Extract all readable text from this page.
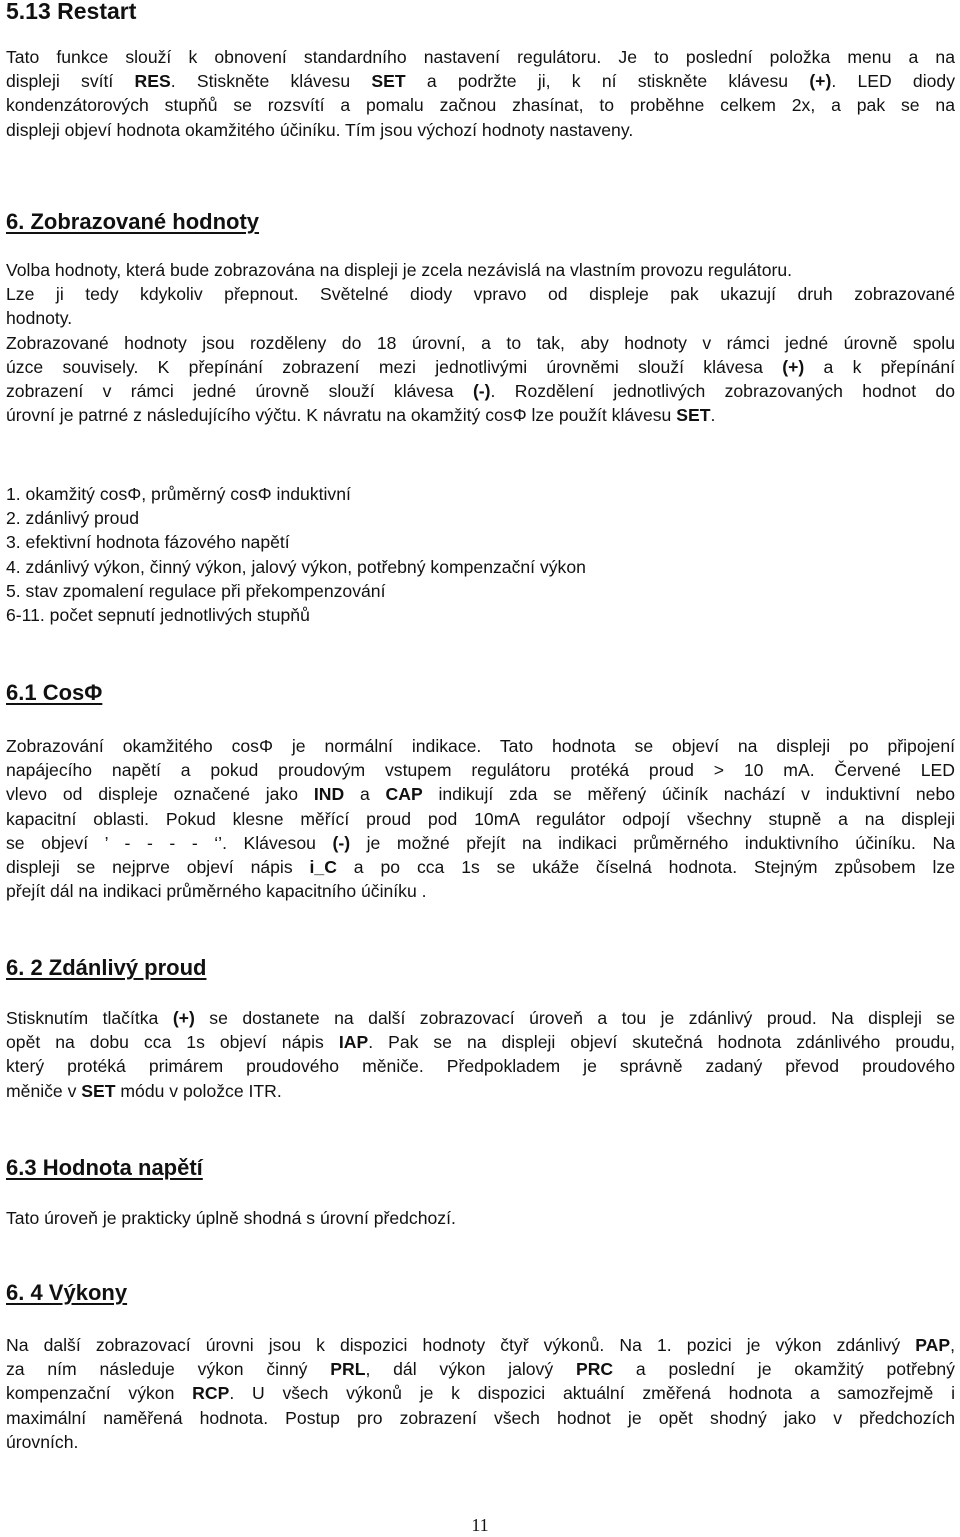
5.13 Restart
Tato funkce slouží k obnovení standardního nastavení regulátoru. Je to poslední položka menu a na
displeji svítí RES. Stiskněte klávesu SET a podržte ji, k ní stiskněte klávesu (+). LED diody
kondenzátorových stupňů se rozsvítí a pomalu začnou zhasínat, to proběhne celkem 2x, a pak se na
displeji objeví hodnota okamžitého účiníku. Tím jsou výchozí hodnoty nastaveny.
6. Zobrazované hodnoty
Volba hodnoty, která bude zobrazována na displeji je zcela nezávislá na vlastním provozu regulátoru.
Lze ji tedy kdykoliv přepnout. Světelné diody vpravo od displeje pak ukazují druh zobrazované
hodnoty.
Zobrazované hodnoty jsou rozděleny do 18 úrovní, a to tak, aby hodnoty v rámci jedné úrovně spolu
úzce souvisely. K přepínání zobrazení mezi jednotlivými úrovněmi slouží klávesa (+) a k přepínání
zobrazení v rámci jedné úrovně slouží klávesa (-). Rozdělení jednotlivých zobrazovaných hodnot do
úrovní je patrné z následujícího výčtu. K návratu na okamžitý cosΦ lze použít klávesu SET.
1. okamžitý cosΦ, průměrný cosΦ induktivní
2. zdánlivý proud
3. efektivní hodnota fázového napětí
4. zdánlivý výkon, činný výkon, jalový výkon, potřebný kompenzační výkon
5. stav zpomalení regulace při překompenzování
6-11. počet sepnutí jednotlivých stupňů
6.1 CosΦ
Zobrazování okamžitého cosΦ je normální indikace. Tato hodnota se objeví na displeji po připojení
napájecího napětí a pokud proudovým vstupem regulátoru protéká proud > 10 mA. Červené LED
vlevo od displeje označené jako IND a CAP indikují zda se měřený účiník nachází v induktivní nebo
kapacitní oblasti. Pokud klesne měřící proud pod 10mA regulátor odpojí všechny stupně a na displeji
se objeví ’ - - - - ‘’. Klávesou (-) je možné přejít na indikaci průměrného induktivního účiníku. Na
displeji se nejprve objeví nápis i_C a po cca 1s se ukáže číselná hodnota. Stejným způsobem lze
přejít dál na indikaci průměrného kapacitního účiníku .
6. 2 Zdánlivý proud
Stisknutím tlačítka (+) se dostanete na další zobrazovací úroveň a tou je zdánlivý proud. Na displeji se
opět na dobu cca 1s objeví nápis IAP. Pak se na displeji objeví skutečná hodnota zdánlivého proudu,
který protéká primárem proudového měniče. Předpokladem je správně zadaný převod proudového
měniče v SET módu v položce ITR.
6.3 Hodnota napětí
Tato úroveň je prakticky úplně shodná s úrovní předchozí.
6. 4 Výkony
Na další zobrazovací úrovni jsou k dispozici hodnoty čtyř výkonů. Na 1. pozici je výkon zdánlivý PAP,
za ním následuje výkon činný PRL, dál výkon jalový PRC a poslední je okamžitý potřebný
kompenzační výkon RCP. U všech výkonů je k dispozici aktuální změřená hodnota a samozřejmě i
maximální naměřená hodnota. Postup pro zobrazení všech hodnot je opět shodný jako v předchozích
úrovních.
11
